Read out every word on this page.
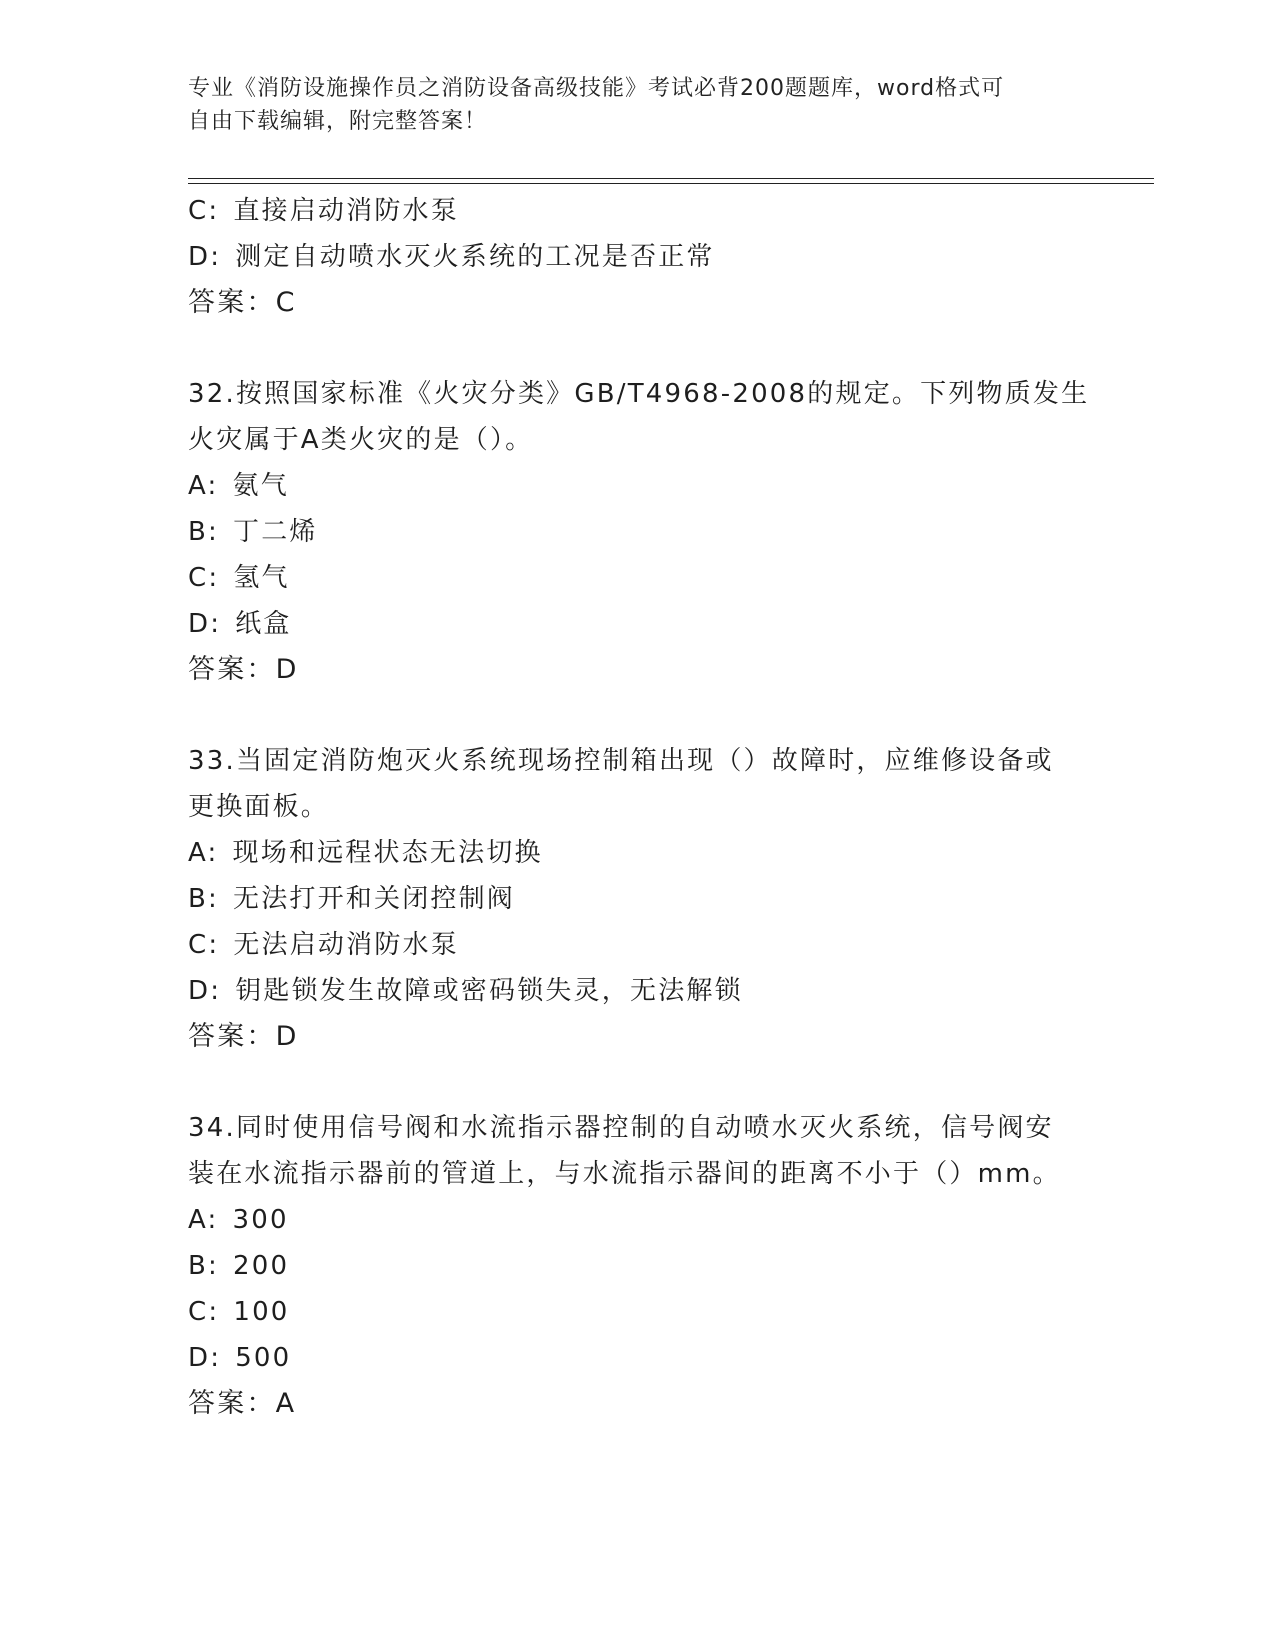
专业《消防设施操作员之消防设备高级技能》考试必背200题题库，word格式可
自由下载编辑，附完整答案！
C: 直接启动消防水泵
D: 测定自动喷水灭火系统的工况是否正常
答案：C
32.按照国家标准《火灾分类》GB/T4968-2008的规定。下列物质发生
火灾属于A类火灾的是（）。
A: 氨气
B: 丁二烯
C: 氢气
D: 纸盒
答案：D
33.当固定消防炮灭火系统现场控制箱出现（）故障时，应维修设备或
更换面板。
A: 现场和远程状态无法切换
B: 无法打开和关闭控制阀
C: 无法启动消防水泵
D: 钥匙锁发生故障或密码锁失灵，无法解锁
答案：D
34.同时使用信号阀和水流指示器控制的自动喷水灭火系统，信号阀安
装在水流指示器前的管道上，与水流指示器间的距离不小于（）mm。
A: 300
B: 200
C: 100
D: 500
答案：A
